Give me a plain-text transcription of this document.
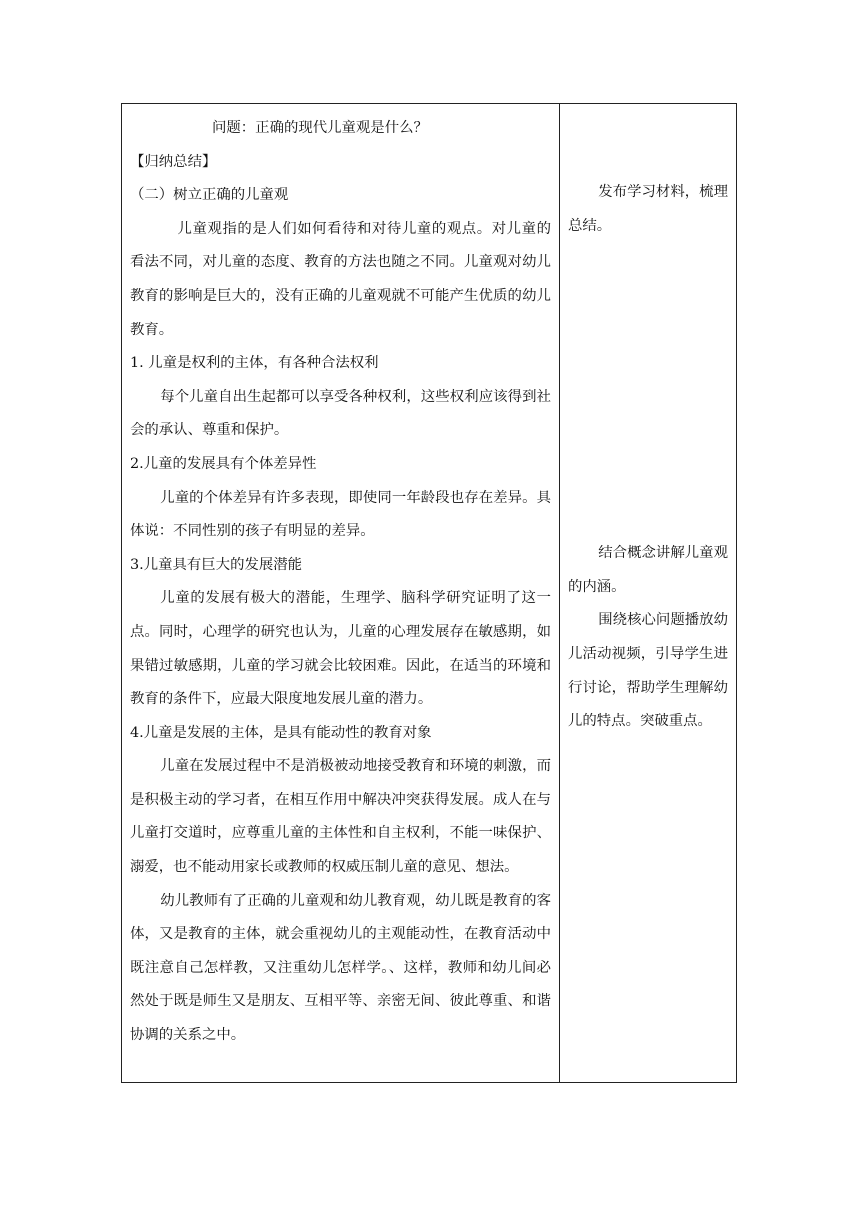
问题：正确的现代儿童观是什么？

【归纳总结】

（二）树立正确的儿童观

儿童观指的是人们如何看待和对待儿童的观点。对儿童的看法不同，对儿童的态度、教育的方法也随之不同。儿童观对幼儿教育的影响是巨大的，没有正确的儿童观就不可能产生优质的幼儿教育。

1. 儿童是权利的主体，有各种合法权利

每个儿童自出生起都可以享受各种权利，这些权利应该得到社会的承认、尊重和保护。

2.儿童的发展具有个体差异性

儿童的个体差异有许多表现，即使同一年龄段也存在差异。具体说：不同性别的孩子有明显的差异。

3.儿童具有巨大的发展潜能

儿童的发展有极大的潜能，生理学、脑科学研究证明了这一点。同时，心理学的研究也认为，儿童的心理发展存在敏感期，如果错过敏感期，儿童的学习就会比较困难。因此，在适当的环境和教育的条件下，应最大限度地发展儿童的潜力。

4.儿童是发展的主体，是具有能动性的教育对象

儿童在发展过程中不是消极被动地接受教育和环境的刺激，而是积极主动的学习者，在相互作用中解决冲突获得发展。成人在与儿童打交道时，应尊重儿童的主体性和自主权利，不能一味保护、溺爱，也不能动用家长或教师的权威压制儿童的意见、想法。

幼儿教师有了正确的儿童观和幼儿教育观，幼儿既是教育的客体，又是教育的主体，就会重视幼儿的主观能动性，在教育活动中既注意自己怎样教，又注重幼儿怎样学。、这样，教师和幼儿间必然处于既是师生又是朋友、互相平等、亲密无间、彼此尊重、和谐协调的关系之中。

发布学习材料，梳理总结。

结合概念讲解儿童观的内涵。

围绕核心问题播放幼儿活动视频，引导学生进行讨论，帮助学生理解幼儿的特点。突破重点。
